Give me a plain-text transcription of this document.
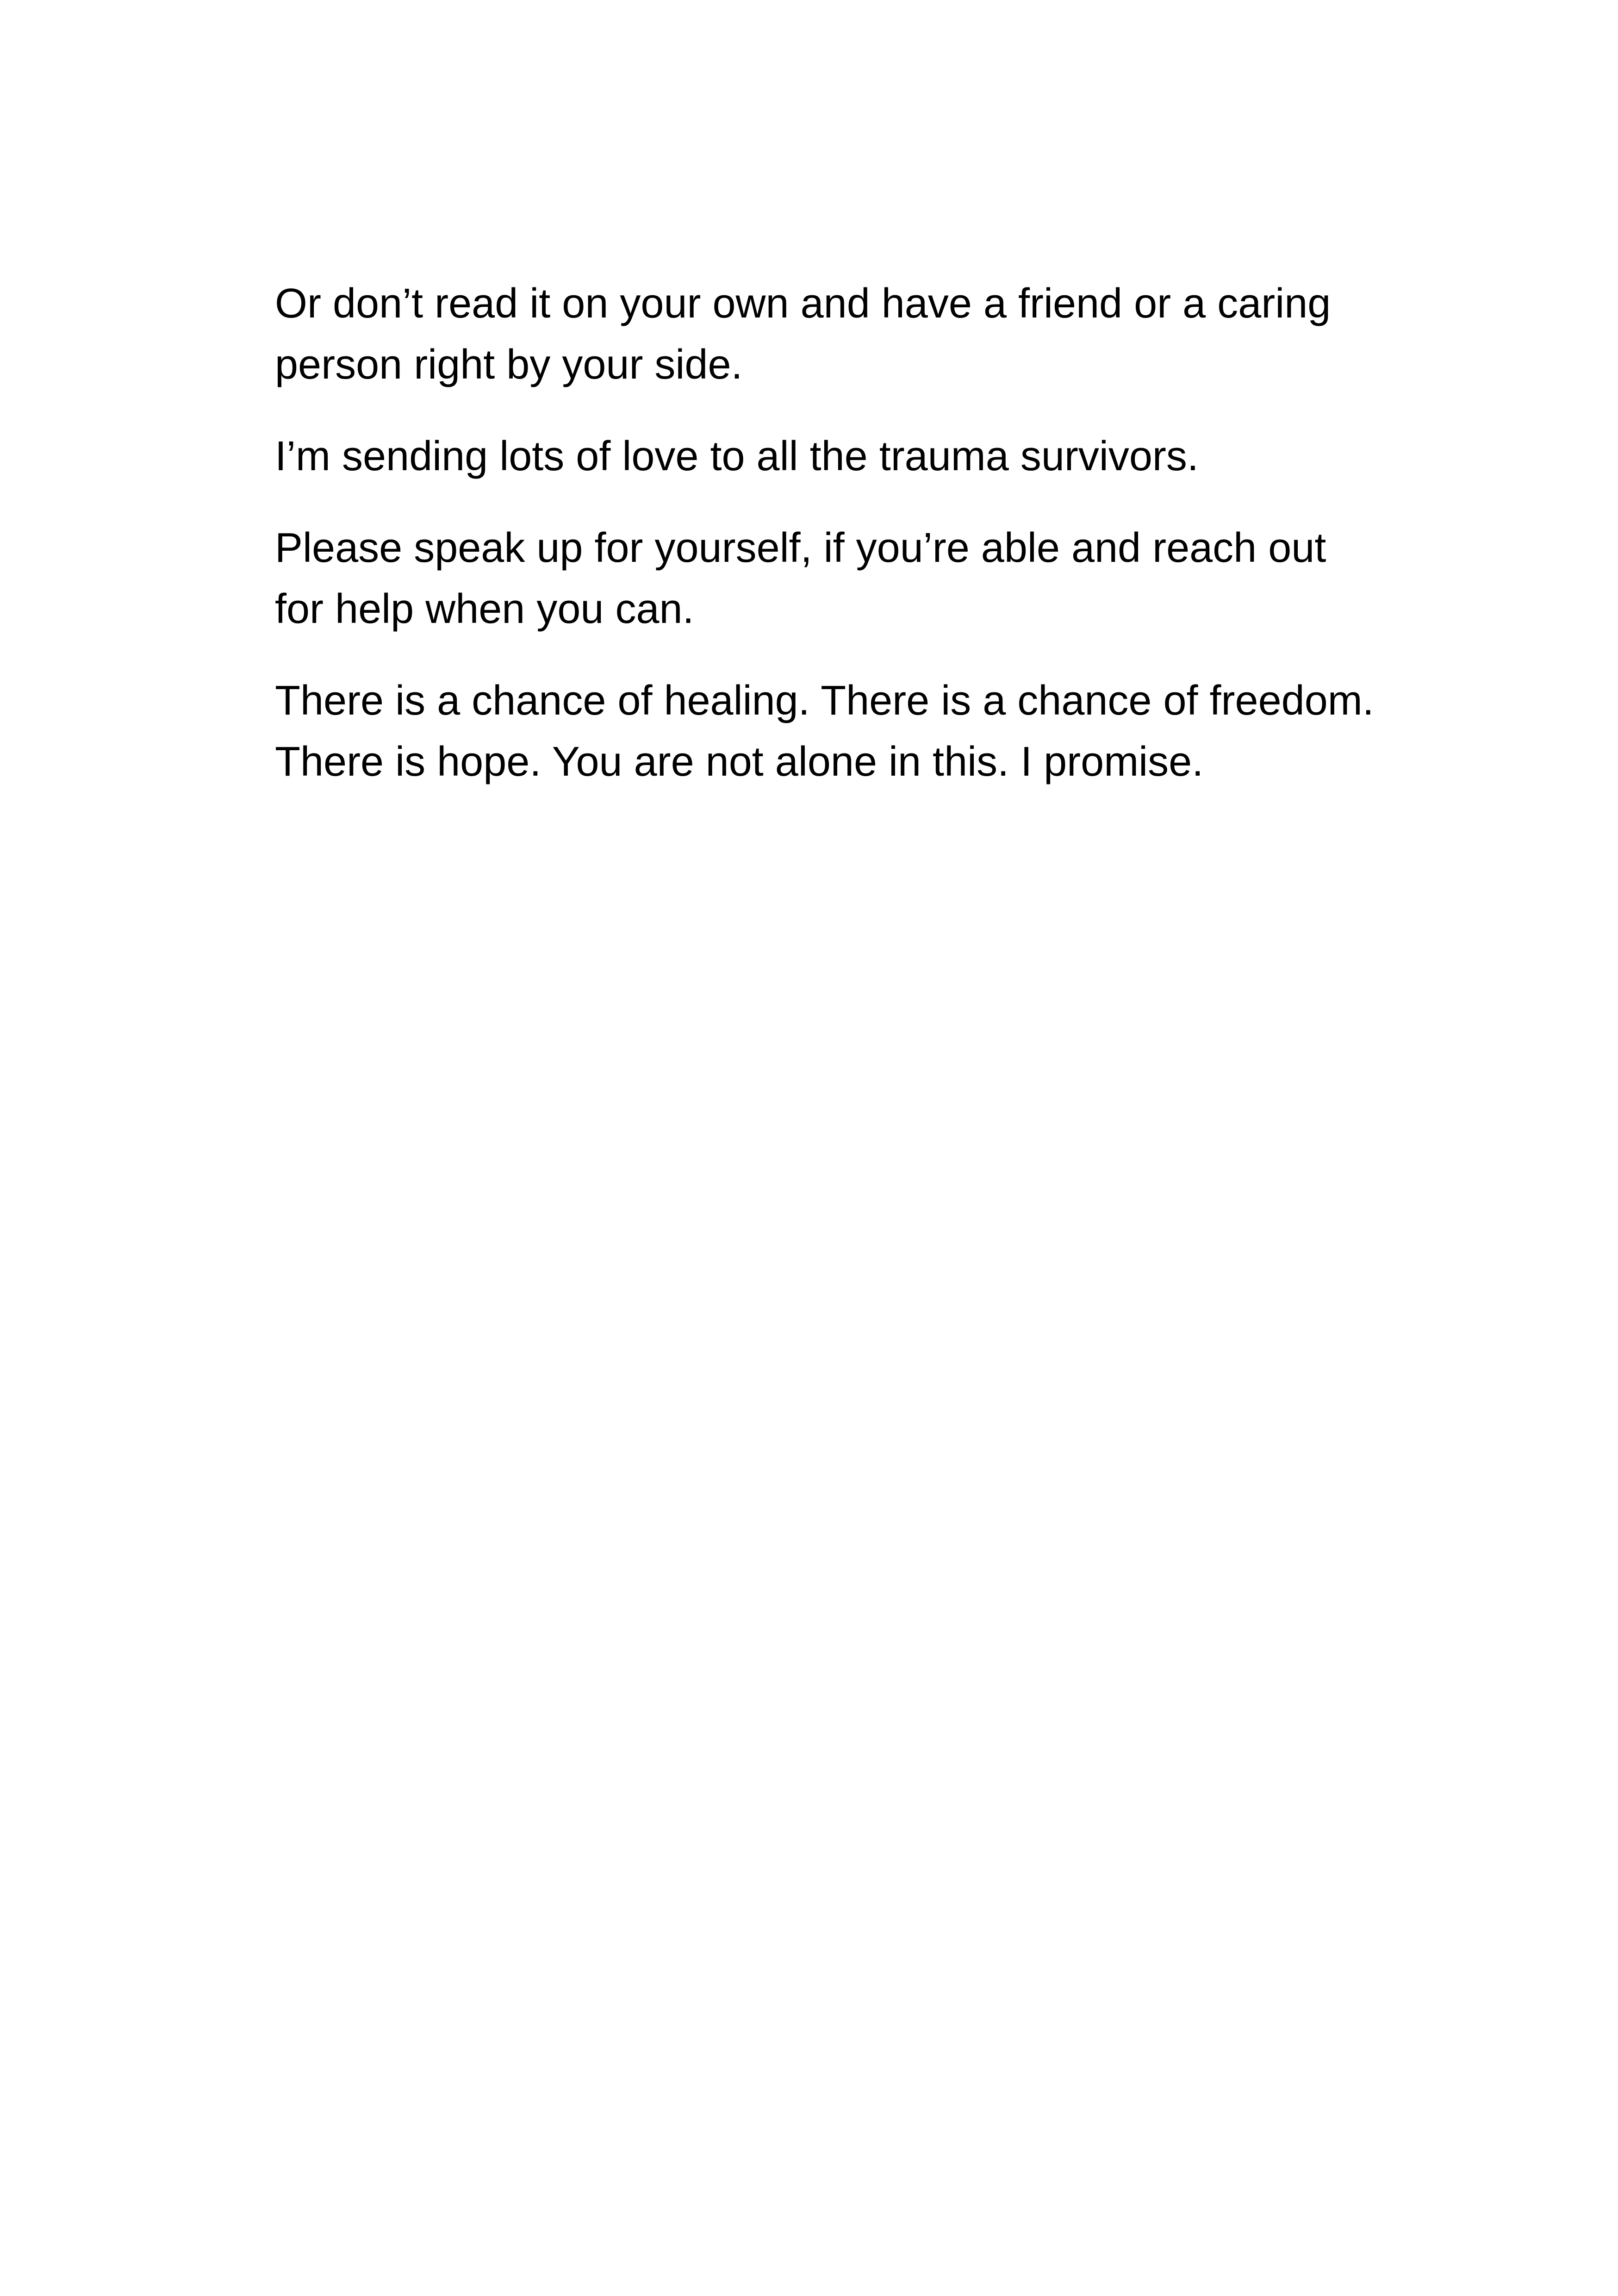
Or don’t read it on your own and have a friend or a caring person right by your side.

I’m sending lots of love to all the trauma survivors.

Please speak up for yourself, if you’re able and reach out for help when you can.

There is a chance of healing. There is a chance of freedom. There is hope. You are not alone in this. I promise.
